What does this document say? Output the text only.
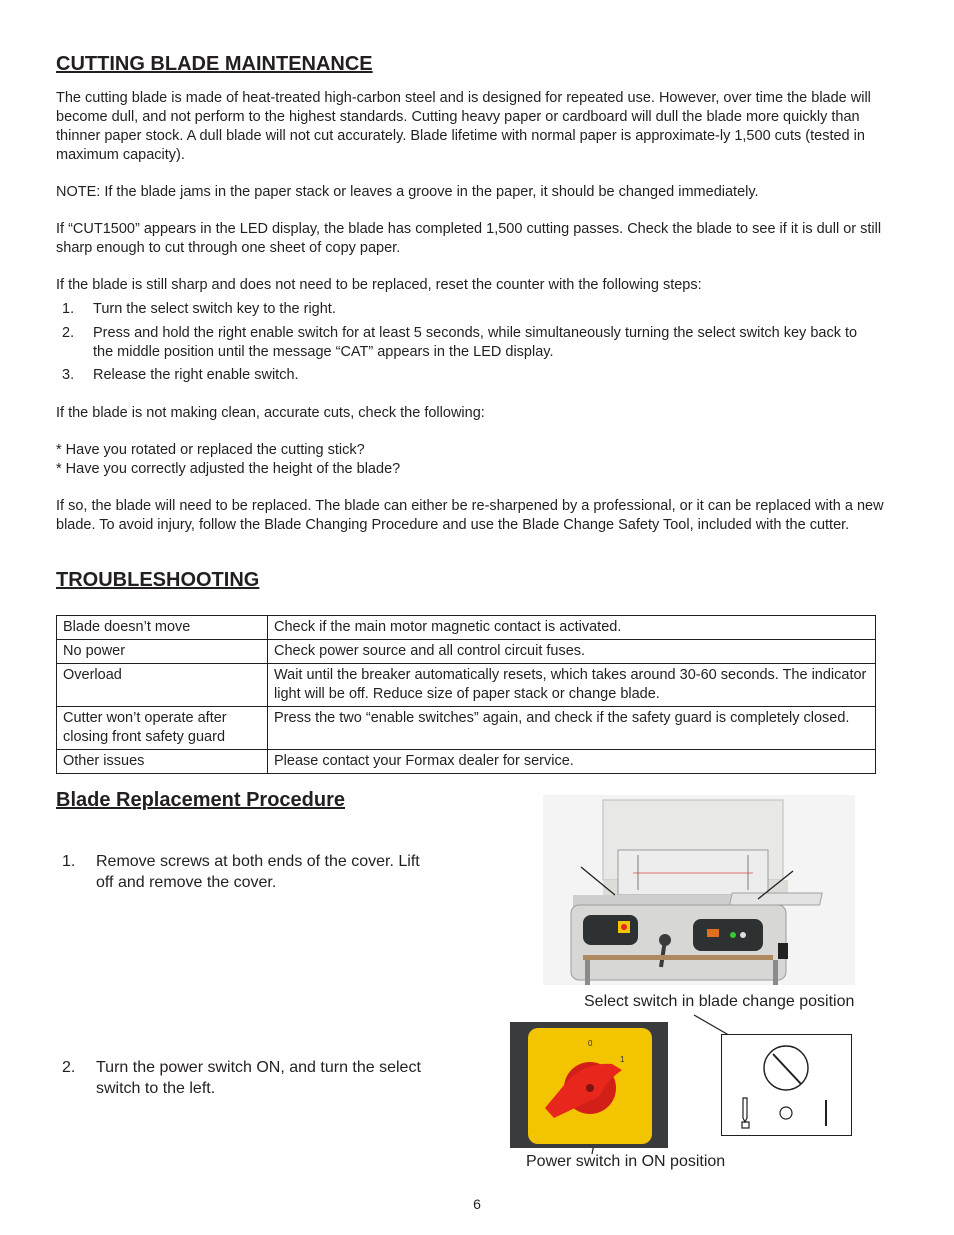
CUTTING BLADE MAINTENANCE

The cutting blade is made of heat-treated high-carbon steel and is designed for repeated use. However, over time the blade will become dull, and not perform to the highest standards. Cutting heavy paper or cardboard will dull the blade more quickly than thinner paper stock. A dull blade will not cut accurately. Blade lifetime with normal paper is approximate-ly 1,500 cuts (tested in maximum capacity).

NOTE: If the blade jams in the paper stack or leaves a groove in the paper, it should be changed immediately.

If “CUT1500” appears in the LED display, the blade has completed 1,500 cutting passes. Check the blade to see if it is dull or still sharp enough to cut through one sheet of copy paper.

If the blade is still sharp and does not need to be replaced, reset the counter with the following steps:

1. Turn the select switch key to the right.
2. Press and hold the right enable switch for at least 5 seconds, while simultaneously turning the select switch key back to the middle position until the message “CAT” appears in the LED display.
3. Release the right enable switch.

If the blade is not making clean, accurate cuts, check the following:

* Have you rotated or replaced the cutting stick?

* Have you correctly adjusted the height of the blade?

If so, the blade will need to be replaced. The blade can either be re-sharpened by a professional, or it can be replaced with a new blade. To avoid injury, follow the Blade Changing Procedure and use the Blade Change Safety Tool, included with the cutter.

TROUBLESHOOTING
Blade doesn’t move	Check if the main motor magnetic contact is activated.
No power	Check power source and all control circuit fuses.
Overload	Wait until the breaker automatically resets, which takes around 30-60 seconds. The indicator light will be off. Reduce size of paper stack or change blade.
Cutter won’t operate after closing front safety guard	Press the two “enable switches” again, and check if the safety guard is completely closed.
Other issues	Please contact your Formax dealer for service.
Blade Replacement Procedure
1. Remove screws at both ends of the cover. Lift off and remove the cover.
2. Turn the power switch ON, and turn the select switch to the left.
Select switch in blade change position
Power switch in ON position
0
1
6
